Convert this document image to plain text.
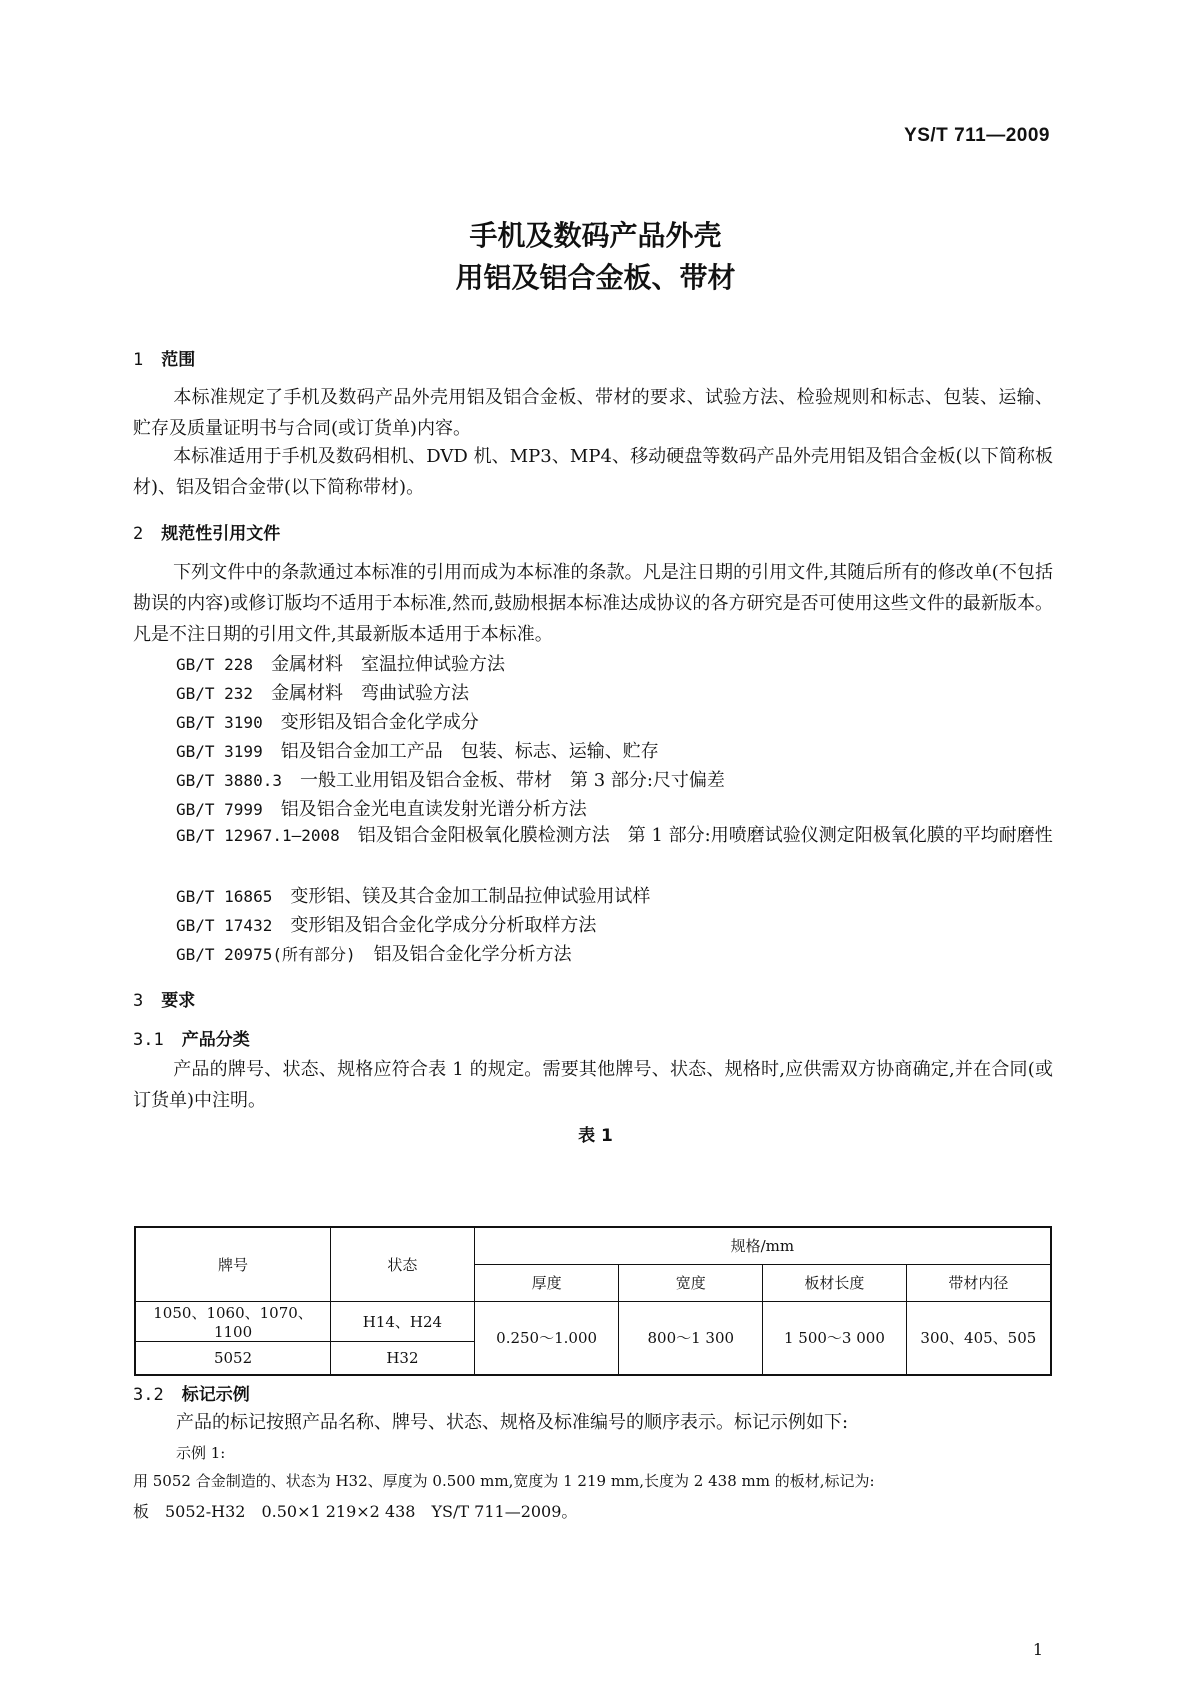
YS/T 711—2009
手机及数码产品外壳
用铝及铝合金板、带材
1 范围
本标准规定了手机及数码产品外壳用铝及铝合金板、带材的要求、试验方法、检验规则和标志、包装、运输、贮存及质量证明书与合同(或订货单)内容。
本标准适用于手机及数码相机、DVD 机、MP3、MP4、移动硬盘等数码产品外壳用铝及铝合金板(以下简称板材)、铝及铝合金带(以下简称带材)。
2 规范性引用文件
下列文件中的条款通过本标准的引用而成为本标准的条款。凡是注日期的引用文件,其随后所有的修改单(不包括勘误的内容)或修订版均不适用于本标准,然而,鼓励根据本标准达成协议的各方研究是否可使用这些文件的最新版本。凡是不注日期的引用文件,其最新版本适用于本标准。
GB/T 228 金属材料　室温拉伸试验方法
GB/T 232 金属材料　弯曲试验方法
GB/T 3190 变形铝及铝合金化学成分
GB/T 3199 铝及铝合金加工产品　包装、标志、运输、贮存
GB/T 3880.3 一般工业用铝及铝合金板、带材　第 3 部分:尺寸偏差
GB/T 7999 铝及铝合金光电直读发射光谱分析方法
GB/T 12967.1—2008 铝及铝合金阳极氧化膜检测方法　第 1 部分:用喷磨试验仪测定阳极氧化膜的平均耐磨性
GB/T 16865 变形铝、镁及其合金加工制品拉伸试验用试样
GB/T 17432 变形铝及铝合金化学成分分析取样方法
GB/T 20975(所有部分) 铝及铝合金化学分析方法
3 要求
3.1 产品分类
产品的牌号、状态、规格应符合表 1 的规定。需要其他牌号、状态、规格时,应供需双方协商确定,并在合同(或订货单)中注明。
表 1
牌号	状态	规格/mm			
		厚度	宽度	板材长度	带材内径
1050、1060、1070、1100	H14、H24	0.250～1.000	800～1 300	1 500～3 000	300、405、505
5052	H32				
3.2 标记示例
产品的标记按照产品名称、牌号、状态、规格及标准编号的顺序表示。标记示例如下:
示例 1:
用 5052 合金制造的、状态为 H32、厚度为 0.500 mm,宽度为 1 219 mm,长度为 2 438 mm 的板材,标记为:
板　5052-H32　0.50×1 219×2 438　YS/T 711—2009。
1
